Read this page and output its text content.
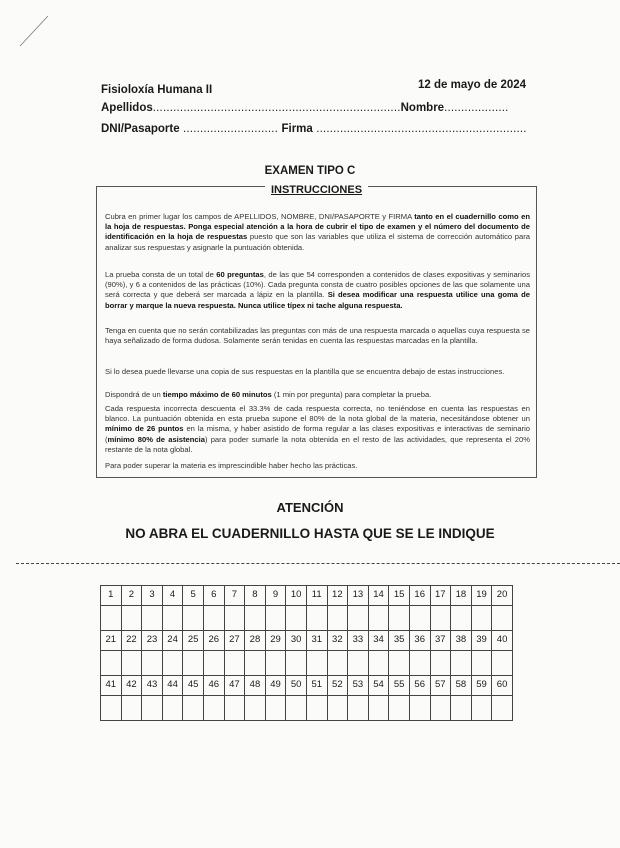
Fisioloxía Humana II	12 de mayo de 2024
Apellidos.........................................................................Nombre...................
DNI/Pasaporte ............................ Firma ..............................................................
EXAMEN TIPO C
INSTRUCCIONES
Cubra en primer lugar los campos de APELLIDOS, NOMBRE, DNI/PASAPORTE y FIRMA tanto en el cuadernillo como en la hoja de respuestas. Ponga especial atención a la hora de cubrir el tipo de examen y el número del documento de identificación en la hoja de respuestas puesto que son las variables que utiliza el sistema de corrección automático para analizar sus respuestas y asignarle la puntuación obtenida.
La prueba consta de un total de 60 preguntas, de las que 54 corresponden a contenidos de clases expositivas y seminarios (90%), y 6 a contenidos de las prácticas (10%). Cada pregunta consta de cuatro posibles opciones de las que solamente una será correcta y que deberá ser marcada a lápiz en la plantilla. Si desea modificar una respuesta utilice una goma de borrar y marque la nueva respuesta. Nunca utilice típex ni tache alguna respuesta.
Tenga en cuenta que no serán contabilizadas las preguntas con más de una respuesta marcada o aquellas cuya respuesta se haya señalizado de forma dudosa. Solamente serán tenidas en cuenta las respuestas marcadas en la plantilla.
Si lo desea puede llevarse una copia de sus respuestas en la plantilla que se encuentra debajo de estas instrucciones.
Dispondrá de un tiempo máximo de 60 minutos (1 min por pregunta) para completar la prueba.
Cada respuesta incorrecta descuenta el 33.3% de cada respuesta correcta, no teniéndose en cuenta las respuestas en blanco. La puntuación obtenida en esta prueba supone el 80% de la nota global de la materia, necesitándose obtener un mínimo de 26 puntos en la misma, y haber asistido de forma regular a las clases expositivas e interactivas de seminario (mínimo 80% de asistencia) para poder sumarle la nota obtenida en el resto de las actividades, que representa el 20% restante de la nota global.
Para poder superar la materia es imprescindible haber hecho las prácticas.
ATENCIÓN
NO ABRA EL CUADERNILLO HASTA QUE SE LE INDIQUE
1	2	3	4	5	6	7	8	9	10	11	12	13	14	15	16	17	18	19	20

21	22	23	24	25	26	27	28	29	30	31	32	33	34	35	36	37	38	39	40

41	42	43	44	45	46	47	48	49	50	51	52	53	54	55	56	57	58	59	60
